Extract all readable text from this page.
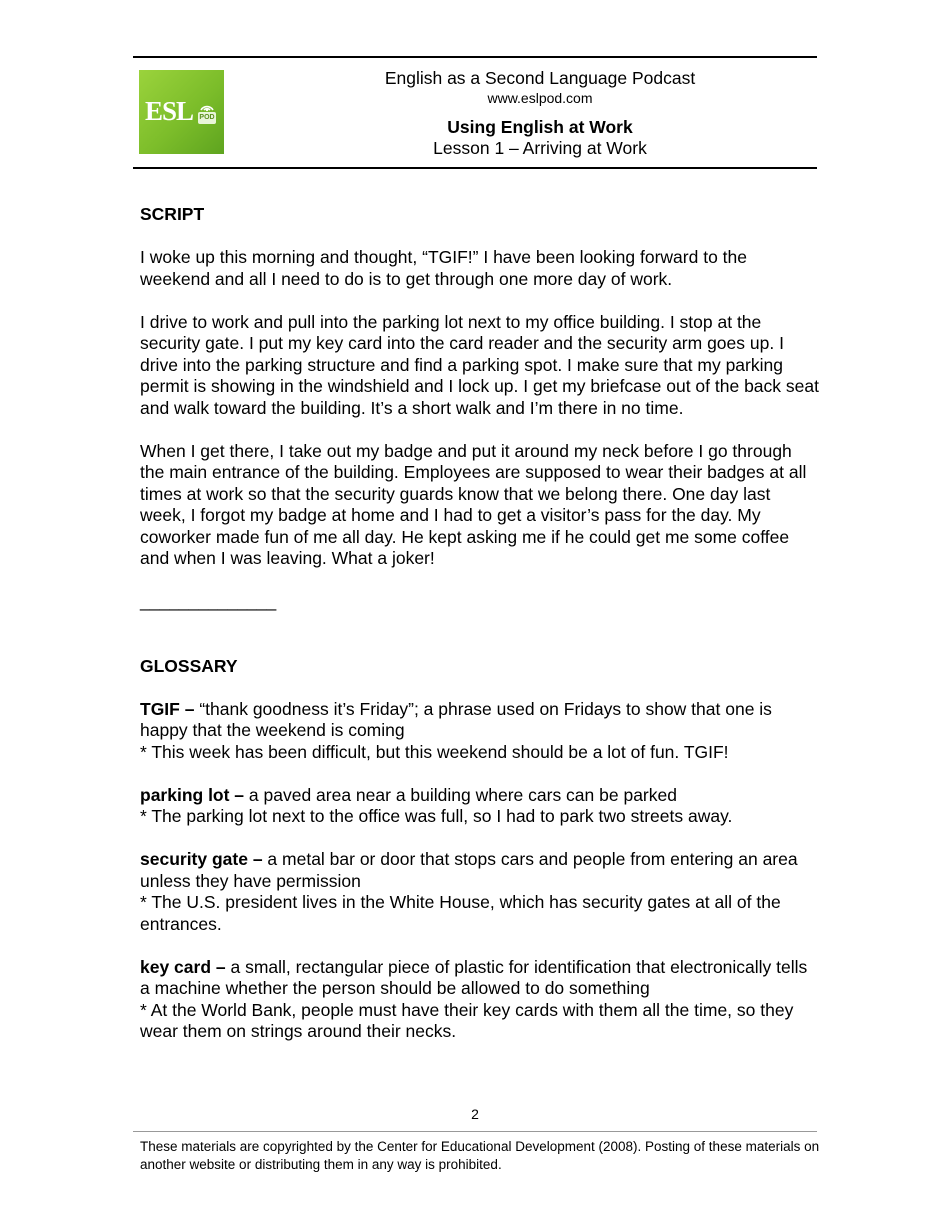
ESL POD
English as a Second Language Podcast
www.eslpod.com
Using English at Work
Lesson 1 – Arriving at Work
SCRIPT

I woke up this morning and thought, “TGIF!” I have been looking forward to the weekend and all I need to do is to get through one more day of work.

I drive to work and pull into the parking lot next to my office building. I stop at the security gate. I put my key card into the card reader and the security arm goes up. I drive into the parking structure and find a parking spot. I make sure that my parking permit is showing in the windshield and I lock up. I get my briefcase out of the back seat and walk toward the building. It’s a short walk and I’m there in no time.

When I get there, I take out my badge and put it around my neck before I go through the main entrance of the building. Employees are supposed to wear their badges at all times at work so that the security guards know that we belong there. One day last week, I forgot my badge at home and I had to get a visitor’s pass for the day. My coworker made fun of me all day. He kept asking me if he could get me some coffee and when I was leaving. What a joker!

______________
GLOSSARY

TGIF – “thank goodness it’s Friday”; a phrase used on Fridays to show that one is happy that the weekend is coming
* This week has been difficult, but this weekend should be a lot of fun. TGIF!

parking lot – a paved area near a building where cars can be parked
* The parking lot next to the office was full, so I had to park two streets away.

security gate – a metal bar or door that stops cars and people from entering an area unless they have permission
* The U.S. president lives in the White House, which has security gates at all of the entrances.

key card – a small, rectangular piece of plastic for identification that electronically tells a machine whether the person should be allowed to do something
* At the World Bank, people must have their key cards with them all the time, so they wear them on strings around their necks.

2
These materials are copyrighted by the Center for Educational Development (2008). Posting of these materials on another website or distributing them in any way is prohibited.
